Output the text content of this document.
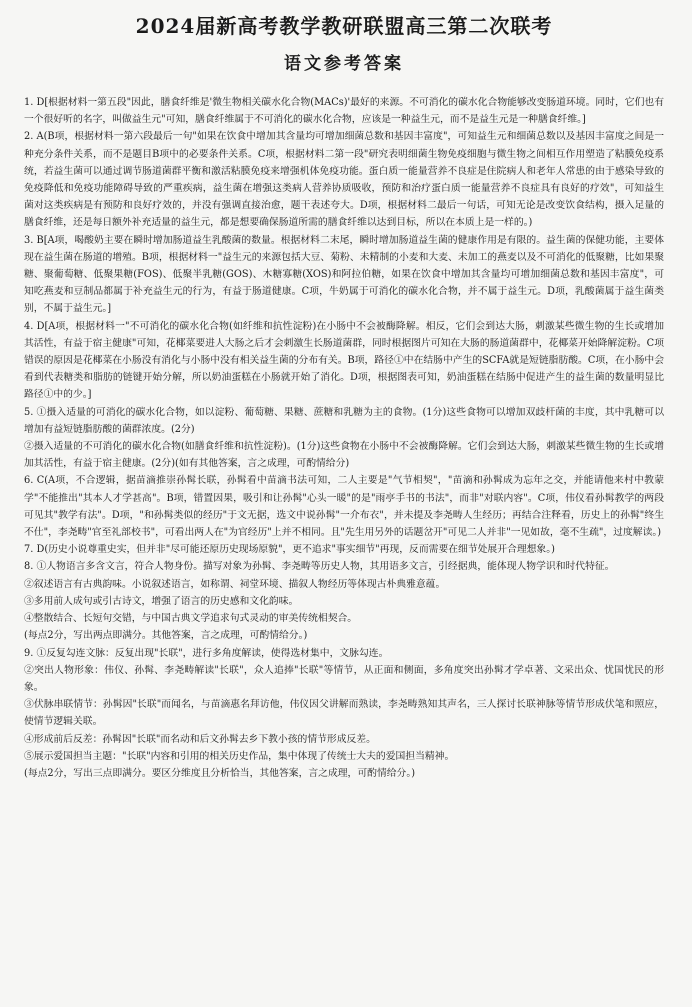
2024届新高考教学教研联盟高三第二次联考
语文参考答案

1. D[根据材料一第五段"因此，膳食纤维是'微生物相关碳水化合物(MACs)'最好的来源。不可消化的碳水化合物能够改变肠道环境。同时，它们也有一个很好听的名字，叫做益生元"可知，膳食纤维属于不可消化的碳水化合物，应该是一种益生元，而不是益生元是一种膳食纤维。]

2. A(B项，根据材料一第六段最后一句"如果在饮食中增加其含量均可增加细菌总数和基因丰富度"，可知益生元和细菌总数以及基因丰富度之间是一种充分条件关系，而不是题目B项中的必要条件关系。C项，根据材料二第一段"研究表明细菌生物免疫细胞与微生物之间相互作用塑造了粘膜免疫系统，若益生菌可以通过调节肠道菌群平衡和激活粘膜免疫来增强机体免疫功能。蛋白质一能量营养不良症是住院病人和老年人常患的由于感染导致的免疫降低和免疫功能障碍导致的严重疾病，益生菌在增强这类病人营养协质吸收，预防和治疗蛋白质一能量营养不良症具有良好的疗效"，可知益生菌对这类疾病是有预防和良好疗效的，并没有强调直接治愈，题干表述夸大。D项，根据材料二最后一句话，可知无论是改变饮食结构，摄入足量的膳食纤维，还是每日额外补充适量的益生元，都是想要确保肠道所需的膳食纤维以达到目标，所以在本质上是一样的。)

3. B[A项，喝酸奶主要在瞬时增加肠道益生乳酸菌的数量。根据材料二末尾，瞬时增加肠道益生菌的健康作用是有限的。益生菌的保健功能，主要体现在益生菌在肠道的增殖。B项，根据材料一"益生元的来源包括大豆、菊粉、未精制的小麦和大麦、未加工的燕麦以及不可消化的低聚糖，比如果聚糖、聚葡萄糖、低聚果糖(FOS)、低聚半乳糖(GOS)、木糖寡糖(XOS)和阿拉伯糖，如果在饮食中增加其含量均可增加细菌总数和基因丰富度"，可知吃燕麦和豆制品都属于补充益生元的行为，有益于肠道健康。C项，牛奶属于可消化的碳水化合物，并不属于益生元。D项，乳酸菌属于益生菌类别，不属于益生元。]

4. D[A项，根据材料一"不可消化的碳水化合物(如纤维和抗性淀粉)在小肠中不会被酶降解。相反，它们会到达大肠，刺激某些微生物的生长或增加其活性，有益于宿主健康"可知，花椰菜要进人大肠之后才会刺激生长肠道菌群，同时根据图片可知在大肠的肠道菌群中，花椰菜开始降解淀粉。C项错误的原因是花椰菜在小肠没有消化与小肠中没有相关益生菌的分布有关。B项，路径①中在结肠中产生的SCFA就是短链脂肪酸。C项，在小肠中会看到代表糖类和脂肪的链键开始分解，所以奶油蛋糕在小肠就开始了消化。D项，根据图表可知，奶油蛋糕在结肠中促进产生的益生菌的数量明显比路径①中的少。]

5. ①摄入适量的可消化的碳水化合物，如以淀粉、葡萄糖、果糖、蔗糖和乳糖为主的食物。(1分)这些食物可以增加双歧杆菌的丰度，其中乳糖可以增加有益短链脂肪酸的菌群浓度。(2分)

②摄入适量的不可消化的碳水化合物(如膳食纤维和抗性淀粉)。(1分)这些食物在小肠中不会被酶降解。它们会到达大肠，刺激某些微生物的生长或增加其活性，有益于宿主健康。(2分)(如有其他答案，言之成理，可酌情给分)

6. C(A项，不合逻辑，据苗滴推崇孙髯长联，孙髯看中苗滴书法可知，二人主要是"气节相契"，"苗滴和孙髯成为忘年之交，并能请他来村中教蒙学"不能推出"其本人才学甚高"。B项，错置因果，吸引和让孙髯"心头一暖"的是"雨亭手书的书法"，而非"对联内容"。C项，伟仪看孙髯教学的两段可见其"教学有法"。D项，"和孙髯类似的经历"于文无据，选文中说孙髯"一介布衣"，并未提及李尧畴人生经历；再结合注释看，历史上的孙髯"终生不仕"，李尧畴"官至礼部校书"，可看出两人在"为官经历"上并不相同。且"先生用另外的话题岔开"可见二人并非"一见如故，毫不生疏"，过度解读。)

7. D(历史小说尊重史实，但并非"尽可能还原历史现场原貌"，更不追求"事实细节"再现，反而需要在细节处展开合理想象。)

8. ①人物语言多含文言，符合人物身份。描写对象为孙髯、李尧畴等历史人物，其用语多文言，引经据典，能体现人物学识和时代特征。

②叙述语言有古典韵味。小说叙述语言，如称谓、祠堂环境、描叙人物经历等体现古朴典雅意蕴。

③多用前人成句或引古诗文，增强了语言的历史感和文化韵味。

④整散结合、长短句交错，与中国古典文学追求句式灵动的审美传统相契合。

(每点2分，写出两点即满分。其他答案，言之成理，可酌情给分。)

9. ①反复勾连文脉：反复出现"长联"，进行多角度解读，使得选材集中，文脉勾连。

②突出人物形象：伟仪、孙髯、李尧畴解读"长联"，众人追捧"长联"等情节，从正面和侧面，多角度突出孙髯才学卓著、文采出众、忧国忧民的形象。

③伏脉串联情节：孙髯因"长联"而闻名，与苗滴惠名拜访他，伟仪因父讲解而熟读，李尧畴熟知其声名，三人探讨长联神脉等情节形成伏笔和照应，使情节逻辑关联。

④形成前后反差：孙髯因"长联"而名动和后文孙髯去乡下教小孩的情节形成反差。

⑤展示爱国担当主题："长联"内容和引用的相关历史作品，集中体现了传统士大夫的爱国担当精神。

(每点2分，写出三点即满分。要区分维度且分析恰当，其他答案，言之成理，可酌情给分。)
